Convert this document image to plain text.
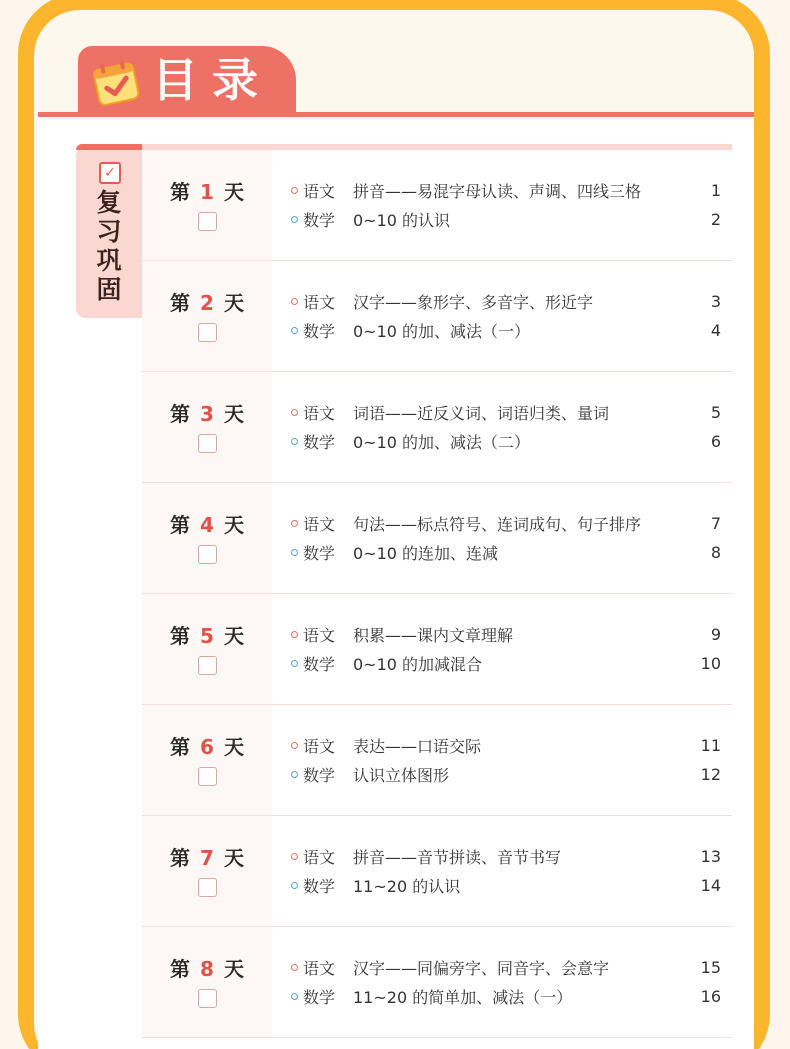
目录
✓
复习巩固
第 1 天	语文	拼音——易混字母认读、声调、四线三格	1
数学	0~10 的认识	2
第 2 天	语文	汉字——象形字、多音字、形近字	3
数学	0~10 的加、减法（一）	4
第 3 天	语文	词语——近反义词、词语归类、量词	5
数学	0~10 的加、减法（二）	6
第 4 天	语文	句法——标点符号、连词成句、句子排序	7
数学	0~10 的连加、连减	8
第 5 天	语文	积累——课内文章理解	9
数学	0~10 的加减混合	10
第 6 天	语文	表达——口语交际	11
数学	认识立体图形	12
第 7 天	语文	拼音——音节拼读、音节书写	13
数学	11~20 的认识	14
第 8 天	语文	汉字——同偏旁字、同音字、会意字	15
数学	11~20 的简单加、减法（一）	16
